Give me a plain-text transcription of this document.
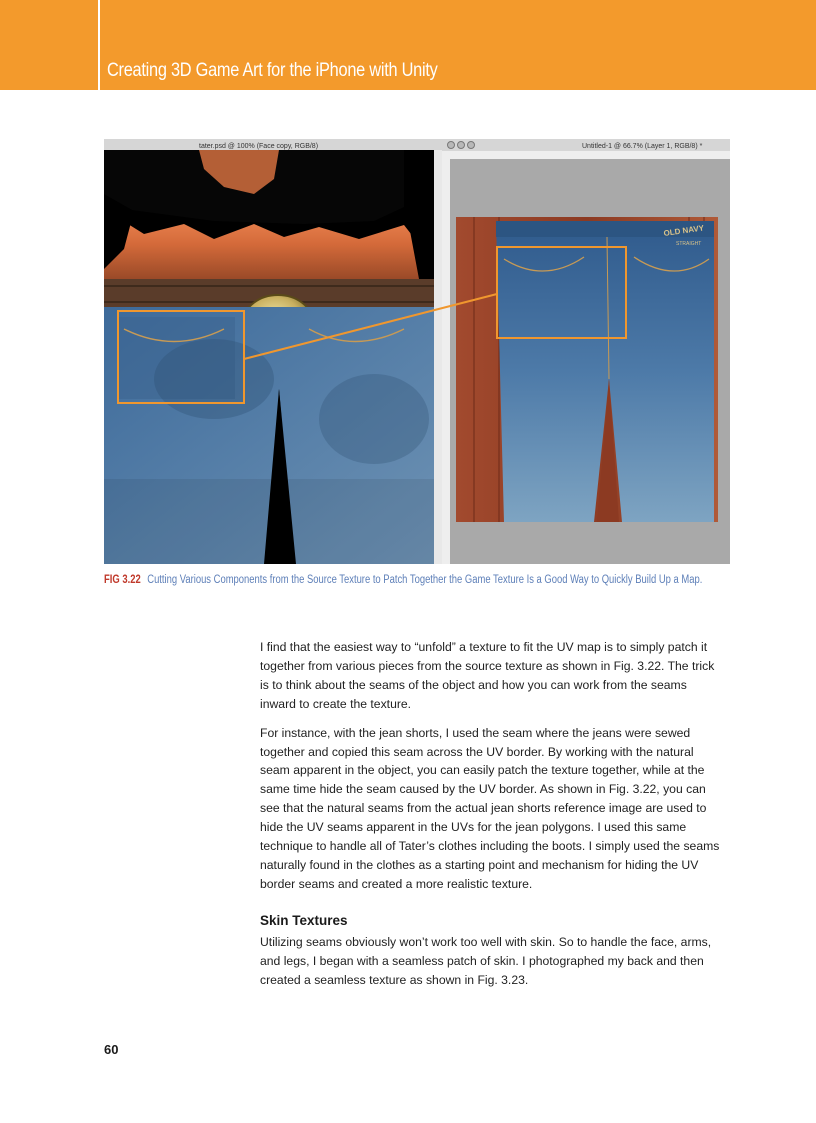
Creating 3D Game Art for the iPhone with Unity
tater.psd @ 100% (Face copy, RGB/8)	Untitled-1 @ 66.7% (Layer 1, RGB/8) *
OLD NAVY
STRAIGHT
FIG 3.22 Cutting Various Components from the Source Texture to Patch Together the Game Texture Is a Good Way to Quickly Build Up a Map.

I find that the easiest way to “unfold” a texture to fit the UV map is to simply patch it together from various pieces from the source texture as shown in Fig. 3.22. The trick is to think about the seams of the object and how you can work from the seams inward to create the texture.

For instance, with the jean shorts, I used the seam where the jeans were sewed together and copied this seam across the UV border. By working with the natural seam apparent in the object, you can easily patch the texture together, while at the same time hide the seam caused by the UV border. As shown in Fig. 3.22, you can see that the natural seams from the actual jean shorts reference image are used to hide the UV seams apparent in the UVs for the jean polygons. I used this same technique to handle all of Tater’s clothes including the boots. I simply used the seams naturally found in the clothes as a starting point and mechanism for hiding the UV border seams and created a more realistic texture.

Skin Textures

Utilizing seams obviously won’t work too well with skin. So to handle the face, arms, and legs, I began with a seamless patch of skin. I photographed my back and then created a seamless texture as shown in Fig. 3.23.

60
